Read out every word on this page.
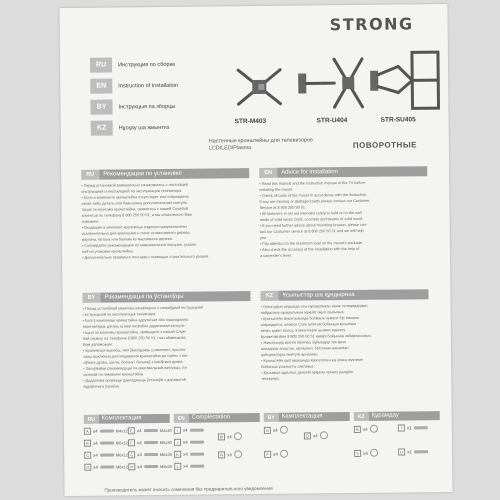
STRONG
RU	Инструкция по сборке
EN	Instruction of installation
BY	Інструкцыя па зборцы
KZ	Нұсқау ша жиынтға
STR-M403	STR-U404	STR-SU405
Настенные кронштейны для телевизоров LCD/LED/Plasma	ПОВОРОТНЫЕ
RU	Рекомендации по установке

• Перед установкой внимательно ознакомьтесь с настоящей

инструкцией и инструкцией по эксплуатации телевизора.

• Если в комплекте кронштейна отсутствует или повреждена

какая-либо деталь или Вам нужна дополнительная консуль-

тация по монтажу кронштейна, свяжитесь с нашей Службой

клиентов по телефону 8 800 250 50 51, и мы обязательно Вам

поможем.

• Входящие в комплект крепежные изделия предназначены

исключительно для крепления к стене из массивного дерева,

кирпича, бетона или балкам из массивного дерева.

• Соблюдайте рекомендацию по максимальной нагрузке, указан-

ной на упаковке кронштейна.

• Дополнительно проверьте поставку с помощью строительного уровня.

EN	Advice for installation

• Read this manual and the instruction manual of the TV before

installing the mount.

• Check all parts of the mount in accordance with the instruction.

If any are missing or damaged parts please contact our Customer

Service at 8 800 250 50 51.

• All fasteners in set are intended solely to hold on to the wall

made of solid wood, brick, concrete and beams of solid wood.

• If you need further advice about mounting bracket, please con-

tact our Customer service at 8 800 250 50 51 and we will help

you.

• Pay attention to the maximum load on the mount's package.

• Also check the accuracy of the installation with the help of

a carpenter's level.

BY	Рэкамендацыі па ўстаноўцы

• Перад усталёўкай уважліва азнаёмцеся з сапраўднай інструкцыяй

і інструкцыяй па эксплуатацыі тэлевізара.

• Калі ў камплекце кранштэйна адсутнічае або пашкоджана

якая-небудзь дэталь ці вам патрэбна дадатковая кансуль-

тацыя па мантажы кранштэйна, звяжыцеся з нашай Служ-

бай сервісу па тэлефоне 8 800 250 50 51, і мы абавязкова

Вам дапаможам.

• Крапежныя вырабы, якія ўваходзяць у камплект, прызна-

чаны выключна для мацавання кранштэйна да сцяны з ма-

сіўнага дрэва, цэглы, бетону і бэлькаў з масіўнага дрэва.

• Захоўвайце рэкамендацыі па максімальнай нагрузцы, па-

казанай на пакаванні кранштэйна.

• Дадаткова праверце дакладнасць ўстаноўкі з дапамогай

будаўнічага ўзроўня.

KZ	Ұсыныстар ша құндырғыа

• Орнатудың алдында осы нұсқаулықты және теледидардың

пайдалану нұсқаулығын мұқият оқып шығыңыз.

• Кронштейн жиынтығында болмаса немесе бір бөлшек

зақымдалса, немесе Сізге монтаж бойынша қосымша

кеңес қажет болса, Клиенттерге қызмет көрсету

Қызметімізбен 8 800 250 50 51 нөмірі бойынша хабарласыңыз.

• Жиынтыққа кіретін бекіткіш бұйымдар тек қана

масқарлы ағаштан, кірпіштен, бетоннан жасалған

қабырғаларға бекітуге арналған.

• Кронштейн қаптамасында көрсетілген ең үлкен жүктеме

бойынша ұсынысты сақтаңыз.

• Қосымша құрылыс деңгейі арқылы орнату дәлдігін

тексеріңіз.

RU	Комплектация
A x4	M4x12
B x4	M5x12
C x4	M6x12
D x4	M8x12
E x4	M4x30
F x4	M5x30
G x4	M6x30
H x4	M8x30
EN	Complectation
I	x4
J x4
K x4
L x4
M x4
N x4
BY	Камплектацыя
O x4
P x4
Q x4
KZ	Құрамдау
R x4
S x4
T x1
U x1
Производитель может вносить изменения без предварительного уведомления
